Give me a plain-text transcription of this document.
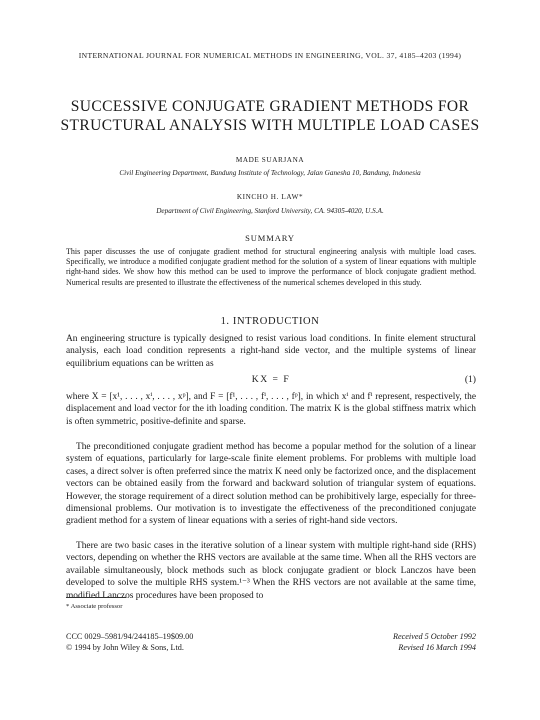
INTERNATIONAL JOURNAL FOR NUMERICAL METHODS IN ENGINEERING, VOL. 37, 4185–4203 (1994)
SUCCESSIVE CONJUGATE GRADIENT METHODS FOR
STRUCTURAL ANALYSIS WITH MULTIPLE LOAD CASES
MADE SUARJANA
Civil Engineering Department, Bandung Institute of Technology, Jalan Ganesha 10, Bandung, Indonesia
KINCHO H. LAW*
Department of Civil Engineering, Stanford University, CA. 94305-4020, U.S.A.
SUMMARY
This paper discusses the use of conjugate gradient method for structural engineering analysis with multiple load cases. Specifically, we introduce a modified conjugate gradient method for the solution of a system of linear equations with multiple right-hand sides. We show how this method can be used to improve the performance of block conjugate gradient method. Numerical results are presented to illustrate the effectiveness of the numerical schemes developed in this study.
1. INTRODUCTION

An engineering structure is typically designed to resist various load conditions. In finite element structural analysis, each load condition represents a right-hand side vector, and the multiple systems of linear equilibrium equations can be written as

KX = F	(1)

where X = [x¹, . . . , xⁱ, . . . , xᵖ], and F = [f¹, . . . , fⁱ, . . . , fᵖ], in which xⁱ and fⁱ represent, respectively, the displacement and load vector for the ith loading condition. The matrix K is the global stiffness matrix which is often symmetric, positive-definite and sparse.

The preconditioned conjugate gradient method has become a popular method for the solution of a linear system of equations, particularly for large-scale finite element problems. For problems with multiple load cases, a direct solver is often preferred since the matrix K need only be factorized once, and the displacement vectors can be obtained easily from the forward and backward solution of triangular system of equations. However, the storage requirement of a direct solution method can be prohibitively large, especially for three-dimensional problems. Our motivation is to investigate the effectiveness of the preconditioned conjugate gradient method for a system of linear equations with a series of right-hand side vectors.

There are two basic cases in the iterative solution of a linear system with multiple right-hand side (RHS) vectors, depending on whether the RHS vectors are available at the same time. When all the RHS vectors are available simultaneously, block methods such as block conjugate gradient or block Lanczos have been developed to solve the multiple RHS system.¹⁻³ When the RHS vectors are not available at the same time, modified Lanczos procedures have been proposed to

* Associate professor
CCC 0029–5981/94/244185–19$09.00
© 1994 by John Wiley & Sons, Ltd.
Received 5 October 1992
Revised 16 March 1994
